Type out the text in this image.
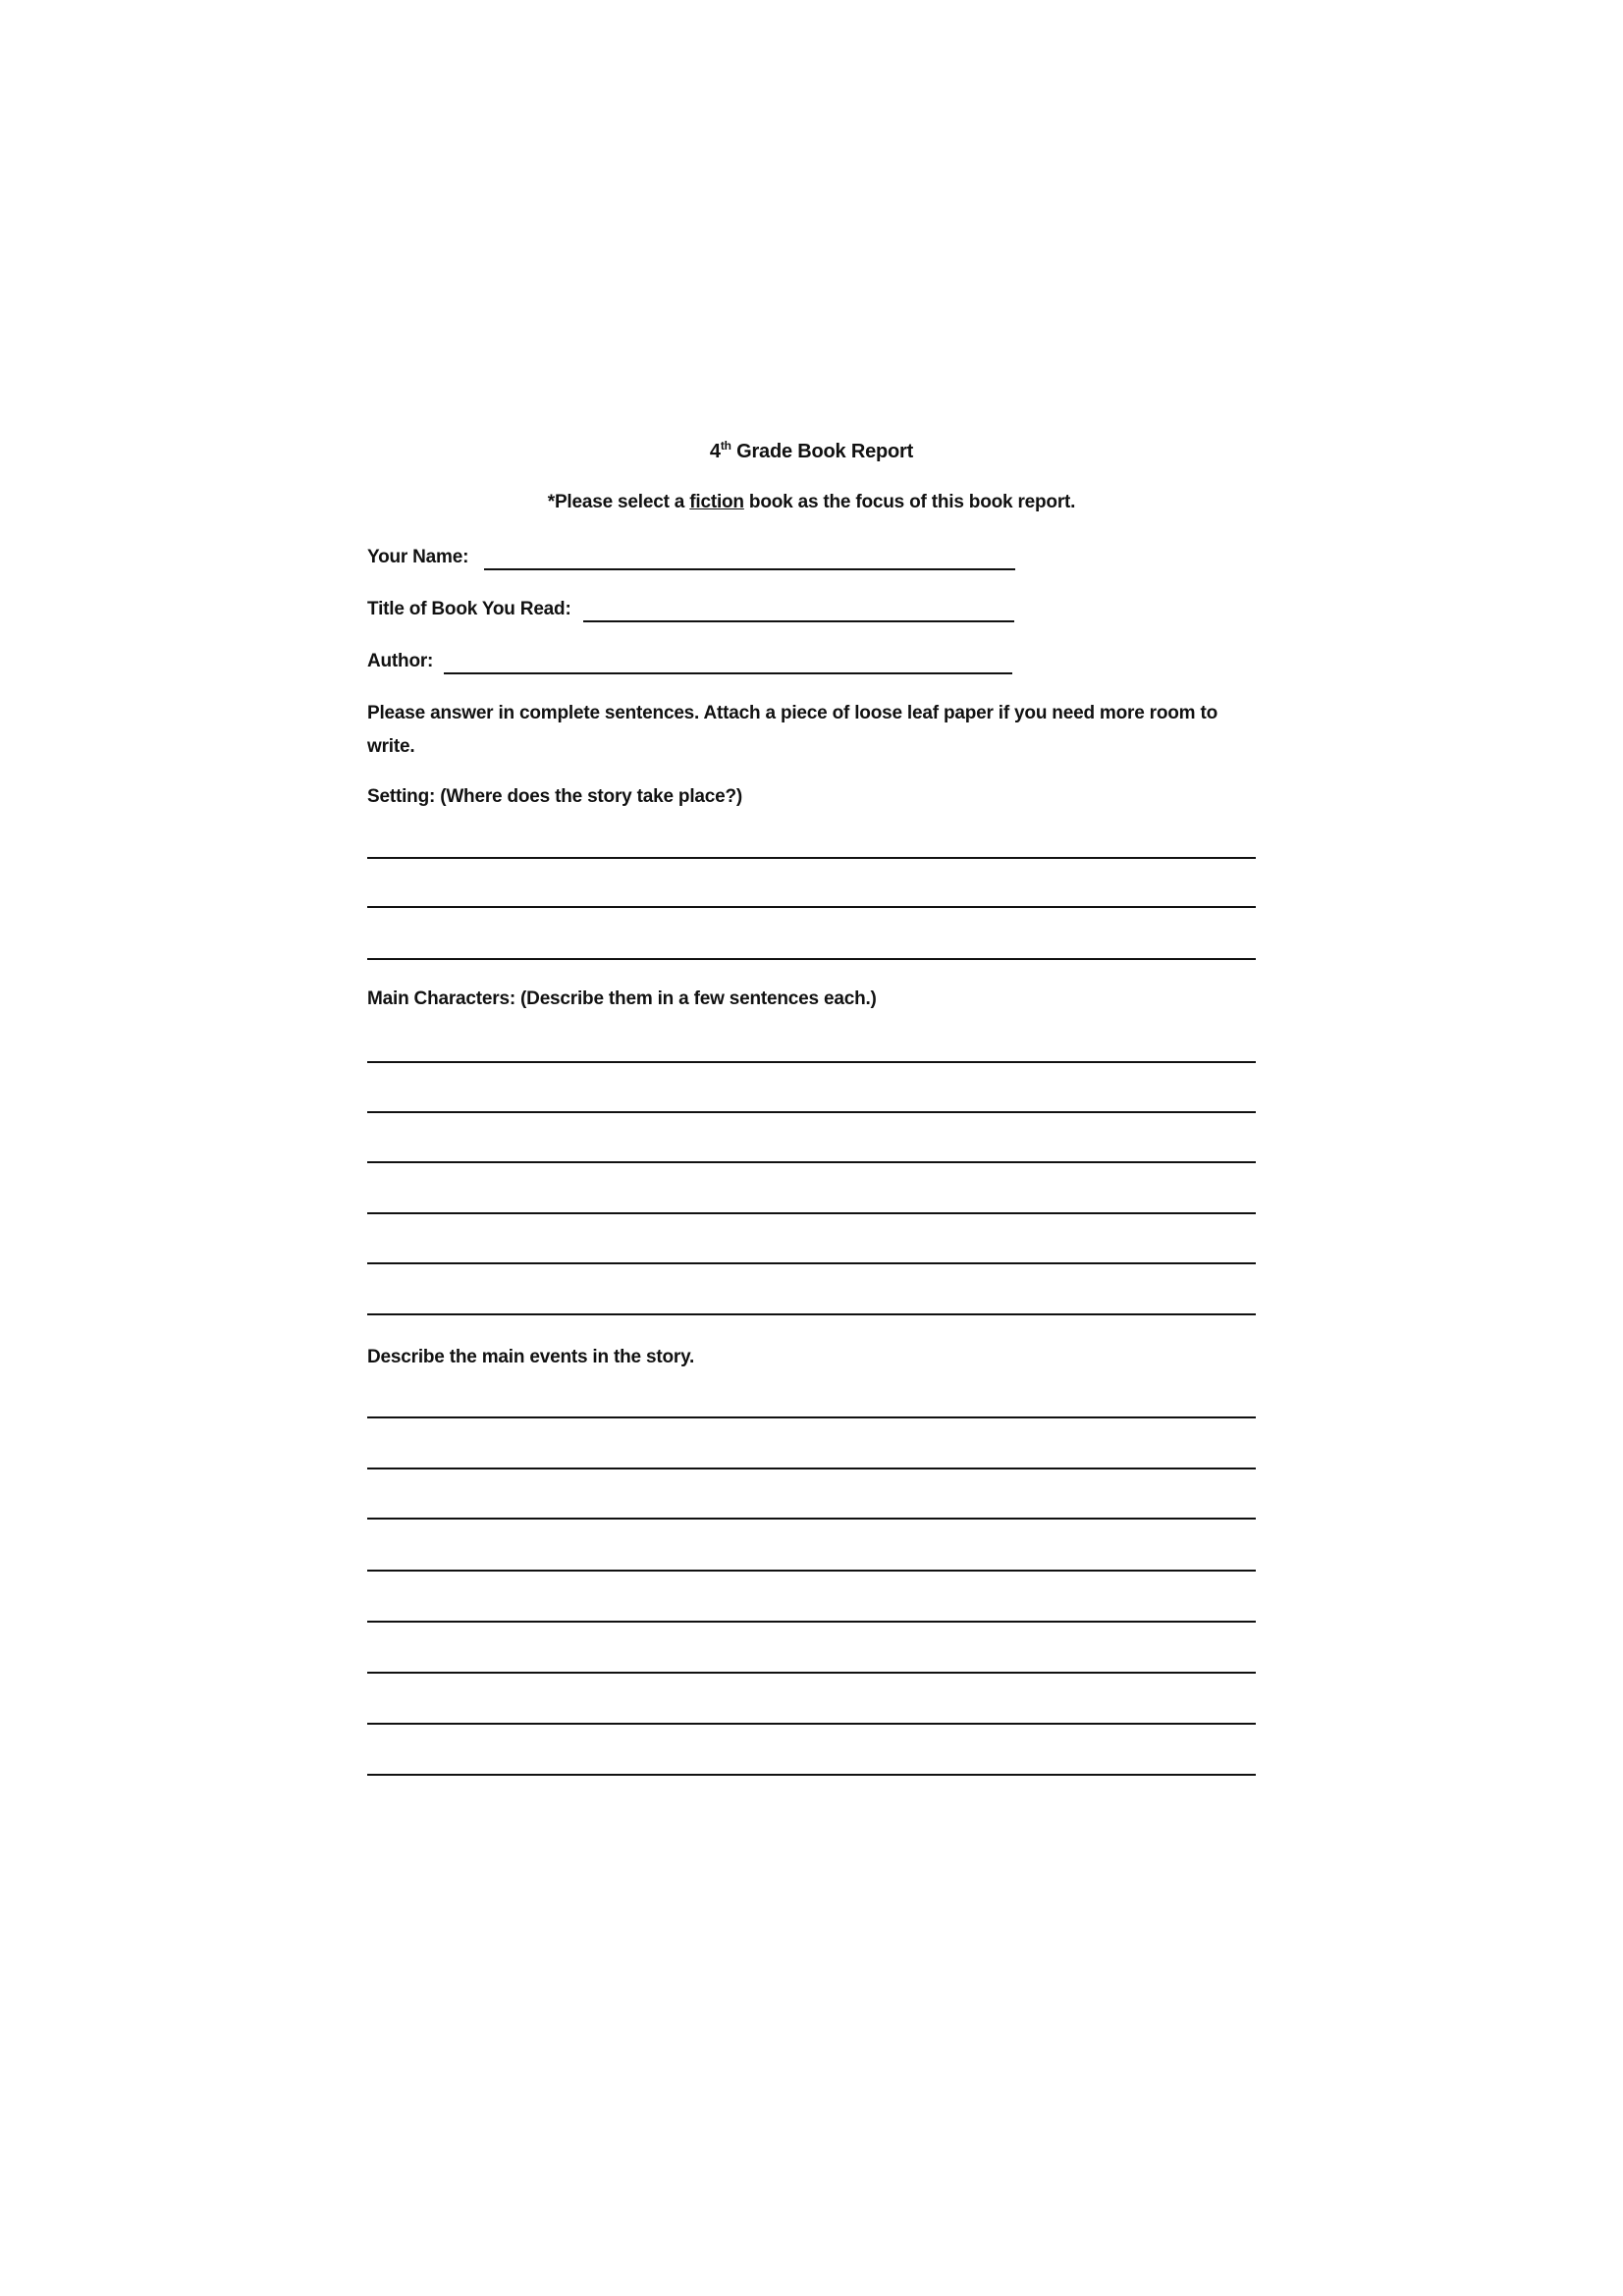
4th Grade Book Report
*Please select a fiction book as the focus of this book report.
Your Name:
Title of Book You Read:
Author:
Please answer in complete sentences. Attach a piece of loose leaf paper if you need more room to write.
Setting: (Where does the story take place?)
Main Characters: (Describe them in a few sentences each.)
Describe the main events in the story.
